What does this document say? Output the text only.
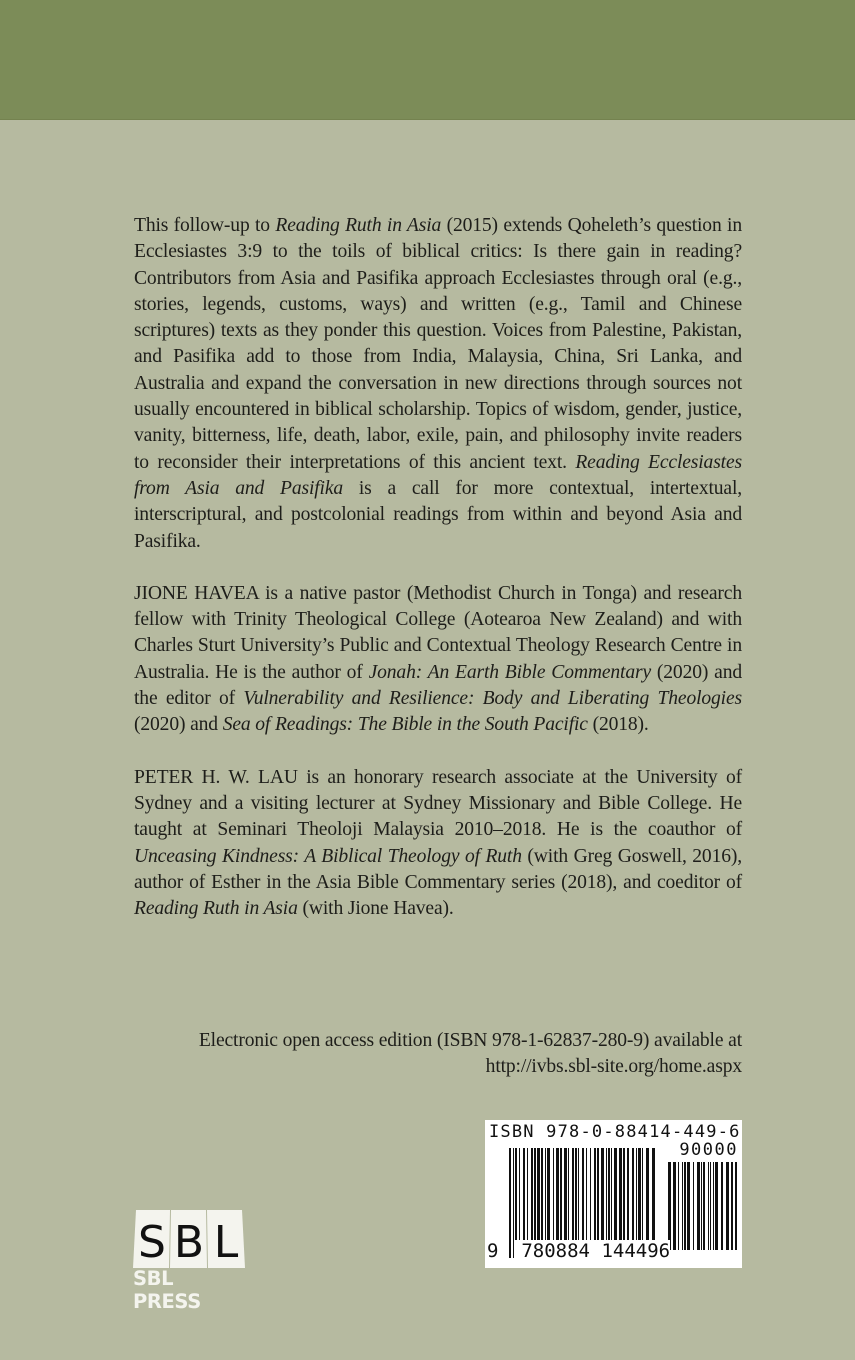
This follow-up to Reading Ruth in Asia (2015) extends Qoheleth’s question in Ecclesiastes 3:9 to the toils of biblical critics: Is there gain in reading? Contributors from Asia and Pasifika approach Ecclesiastes through oral (e.g., stories, legends, customs, ways) and written (e.g., Tamil and Chinese scriptures) texts as they ponder this question. Voices from Palestine, Pakistan, and Pasifika add to those from India, Malaysia, China, Sri Lanka, and Australia and expand the conversation in new directions through sources not usually encountered in biblical scholarship. Topics of wisdom, gender, justice, vanity, bitterness, life, death, labor, exile, pain, and philosophy invite readers to reconsider their interpretations of this ancient text. Reading Ecclesiastes from Asia and Pasifika is a call for more contextual, intertextual, interscriptural, and postcolonial readings from within and beyond Asia and Pasifika.

JIONE HAVEA is a native pastor (Methodist Church in Tonga) and research fellow with Trinity Theological College (Aotearoa New Zealand) and with Charles Sturt University’s Public and Contextual Theology Research Centre in Australia. He is the author of Jonah: An Earth Bible Commentary (2020) and the editor of Vulnerability and Resilience: Body and Liberating Theologies (2020) and Sea of Readings: The Bible in the South Pacific (2018).

PETER H. W. LAU is an honorary research associate at the University of Sydney and a visiting lecturer at Sydney Missionary and Bible College. He taught at Seminari Theoloji Malaysia 2010–2018. He is the coauthor of Unceasing Kindness: A Biblical Theology of Ruth (with Greg Goswell, 2016), author of Esther in the Asia Bible Commentary series (2018), and coeditor of Reading Ruth in Asia (with Jione Havea).

Electronic open access edition (ISBN 978-1-62837-280-9) available at
http://ivbs.sbl-site.org/home.aspx
ISBN 978-0-88414-449-6
90000
9 780884 144496
S B L
SBL PRESS
